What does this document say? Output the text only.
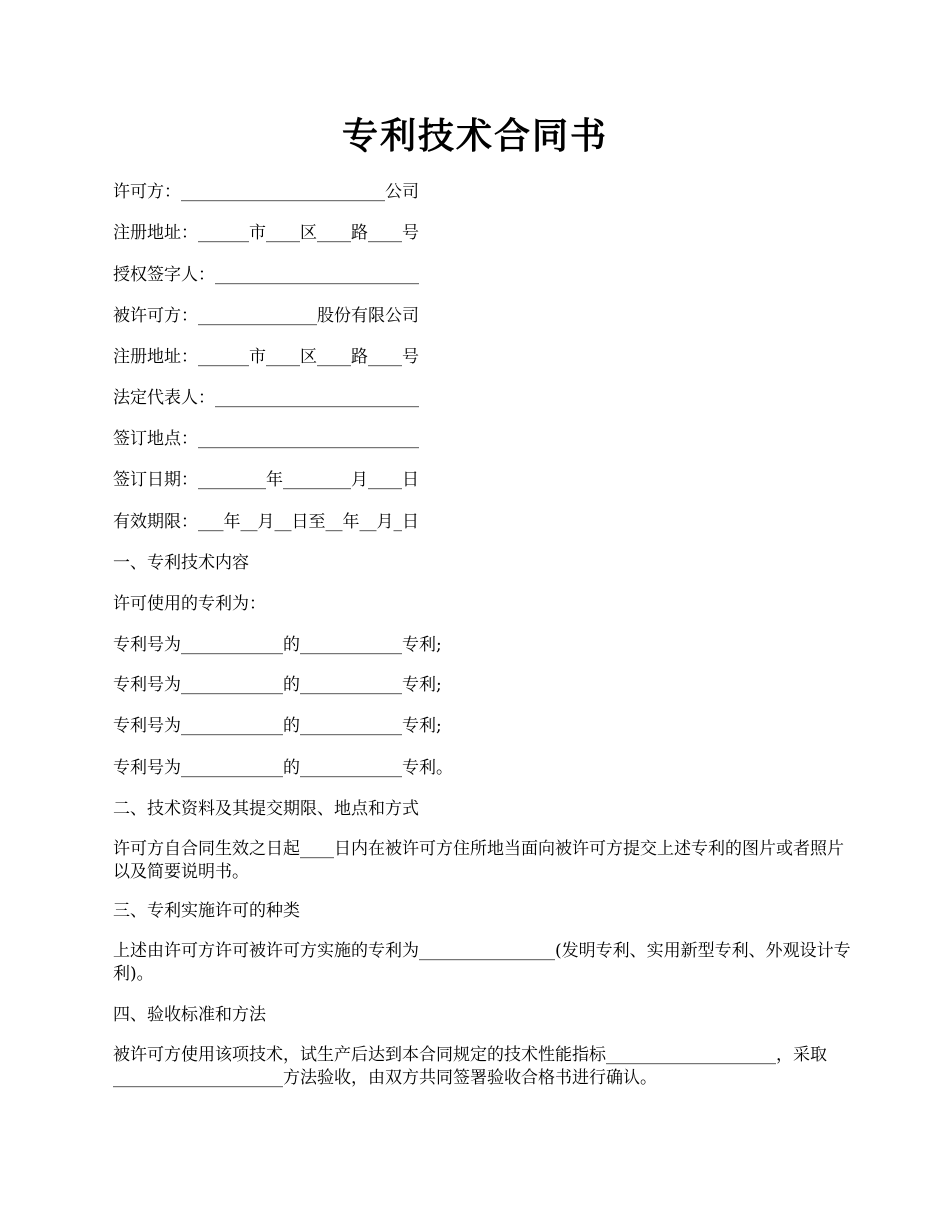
专利技术合同书
许可方：________________________公司
注册地址：______市____区____路____号
授权签字人：________________________
被许可方：______________股份有限公司
注册地址：______市____区____路____号
法定代表人：________________________
签订地点：__________________________
签订日期：________年________月____日
有效期限：___年__月__日至__年__月_日
一、专利技术内容
许可使用的专利为：
专利号为____________的____________专利;
专利号为____________的____________专利;
专利号为____________的____________专利;
专利号为____________的____________专利。
二、技术资料及其提交期限、地点和方式
许可方自合同生效之日起____日内在被许可方住所地当面向被许可方提交上述专利的图片或者照片以及简要说明书。
三、专利实施许可的种类
上述由许可方许可被许可方实施的专利为________________(发明专利、实用新型专利、外观设计专利)。
四、验收标准和方法
被许可方使用该项技术，试生产后达到本合同规定的技术性能指标____________________，采取____________________方法验收，由双方共同签署验收合格书进行确认。
